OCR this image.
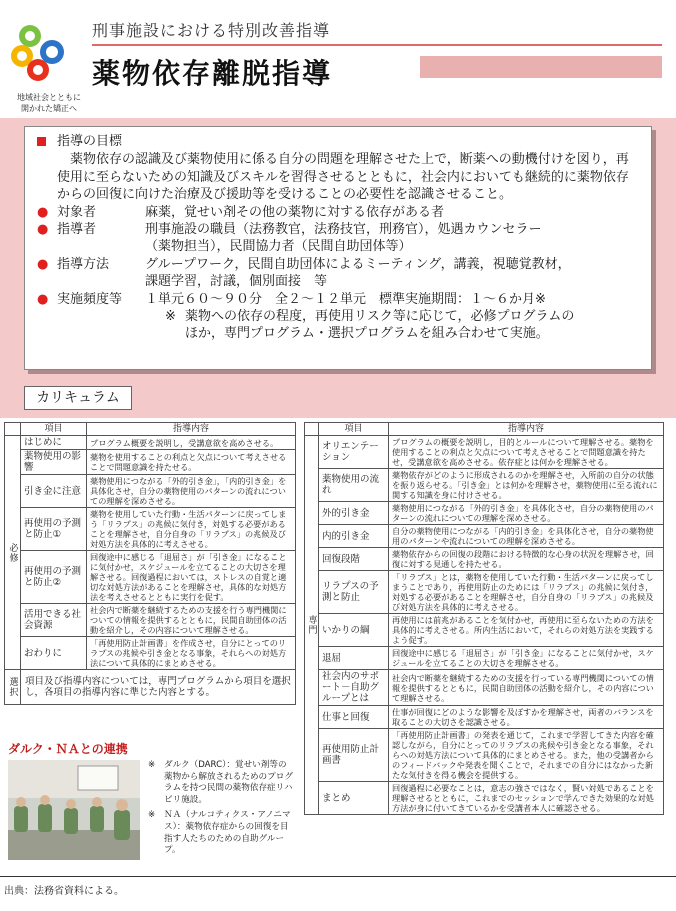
地域社会とともに
開かれた矯正へ
刑事施設における特別改善指導
薬物依存離脱指導
指導の目標
薬物依存の認識及び薬物使用に係る自分の問題を理解させた上で，断薬への動機付けを図り，再使用に至らないための知識及びスキルを習得させるとともに，社会内においても継続的に薬物依存からの回復に向けた治療及び援助等を受けることの必要性を認識させること。
● 対象者	麻薬，覚せい剤その他の薬物に対する依存がある者
● 指導者	刑事施設の職員（法務教官，法務技官，刑務官），処遇カウンセラー
（薬物担当），民間協力者（民間自助団体等）
● 指導方法	グループワーク，民間自助団体によるミーティング，講義，視聴覚教材，
課題学習，討議，個別面接　等
● 実施頻度等	１単元６０～９０分　全２～１２単元　標準実施期間：１～６か月※
※ 薬物への依存の程度，再使用リスク等に応じて，必修プログラムの
ほか，専門プログラム・選択プログラムを組み合わせて実施。
カリキュラム
	項目	指導内容
必修	はじめに	プログラム概要を説明し，受講意欲を高めさせる。
	薬物使用の影響	薬物を使用することの利点と欠点について考えさせることで問題意識を持たせる。
	引き金に注意	薬物使用につながる「外的引き金」，「内的引き金」を具体化させ，自分の薬物使用のパターンの流れについての理解を深めさせる。
	再使用の予測と防止①	薬物を使用していた行動・生活パターンに戻ってしまう「リラプス」の兆候に気付き，対処する必要があることを理解させ，自分自身の「リラプス」の兆候及び対処方法を具体的に考えさせる。
	再使用の予測と防止②	回復途中に感じる「退屈さ」が「引き金」になることに気付かせ，スケジュールを立てることの大切さを理解させる。回復過程においては，ストレスの自覚と適切な対処方法があることを理解させ，具体的な対処方法を考えさせるとともに実行を促す。
	活用できる社会資源	社会内で断薬を継続するための支援を行う専門機関についての情報を提供するとともに，民間自助団体の活動を紹介し，その内容について理解させる。
	おわりに	「再使用防止計画書」を作成させ，自分にとってのリラプスの兆候や引き金となる事象，それらへの対処方法について具体的にまとめさせる。
選択	項目及び指導内容については，専門プログラムから項目を選択し，各項目の指導内容に準じた内容とする。	
	項目	指導内容
専門	オリエンテーション	プログラムの概要を説明し，目的とルールについて理解させる。薬物を使用することの利点と欠点について考えさせることで問題意識を持たせ，受講意欲を高めさせる。依存症とは何かを理解させる。
	薬物使用の流れ	薬物依存がどのように形成されるのかを理解させ，入所前の自分の状態を振り返らせる。「引き金」とは何かを理解させ，薬物使用に至る流れに関する知識を身に付けさせる。
	外的引き金	薬物使用につながる「外的引き金」を具体化させ，自分の薬物使用のパターンの流れについての理解を深めさせる。
	内的引き金	自分の薬物使用につながる「内的引き金」を具体化させ，自分の薬物使用のパターンや流れについての理解を深めさせる。
	回復段階	薬物依存からの回復の段階における特徴的な心身の状況を理解させ，回復に対する見通しを持たせる。
	リラプスの予測と防止	「リラプス」とは，薬物を使用していた行動・生活パターンに戻ってしまうことであり，再使用防止のためには「リラプス」の兆候に気付き，対処する必要があることを理解させ，自分自身の「リラプス」の兆候及び対処方法を具体的に考えさせる。
	いかりの綱	再使用には前兆があることを気付かせ，再使用に至らないための方法を具体的に考えさせる。所内生活において，それらの対処方法を実践するよう促す。
	退屈	回復途中に感じる「退屈さ」が「引き金」になることに気付かせ，スケジュールを立てることの大切さを理解させる。
	社会内のサポート－自助グループとは	社会内で断薬を継続するための支援を行っている専門機関についての情報を提供するとともに，民間自助団体の活動を紹介し，その内容について理解させる。
	仕事と回復	仕事が回復にどのような影響を及ぼすかを理解させ，両者のバランスを取ることの大切さを認識させる。
	再使用防止計画書	「再使用防止計画書」の発表を通じて，これまで学習してきた内容を確認しながら，自分にとってのリラプスの兆候や引き金となる事象，それらへの対処方法について具体的にまとめさせる。また，他の受講者からのフィードバックや発表を聞くことで，それまでの自分にはなかった新たな気付きを得る機会を提供する。
	まとめ	回復過程に必要なことは，意志の強さではなく，賢い対処であることを理解させるとともに，これまでのセッションで学んできた効果的な対処方法が身に付いてきているかを受講者本人に確認させる。
ダルク・ＮＡとの連携
※	ダルク（DARC）：覚せい剤等の薬物から解放されるためのプログラムを持つ民間の薬物依存症リハビリ施設。
※	ＮＡ（ナルコティクス・アノニマス）：薬物依存症からの回復を目指す人たちのための自助グループ。
出典：法務省資料による。
